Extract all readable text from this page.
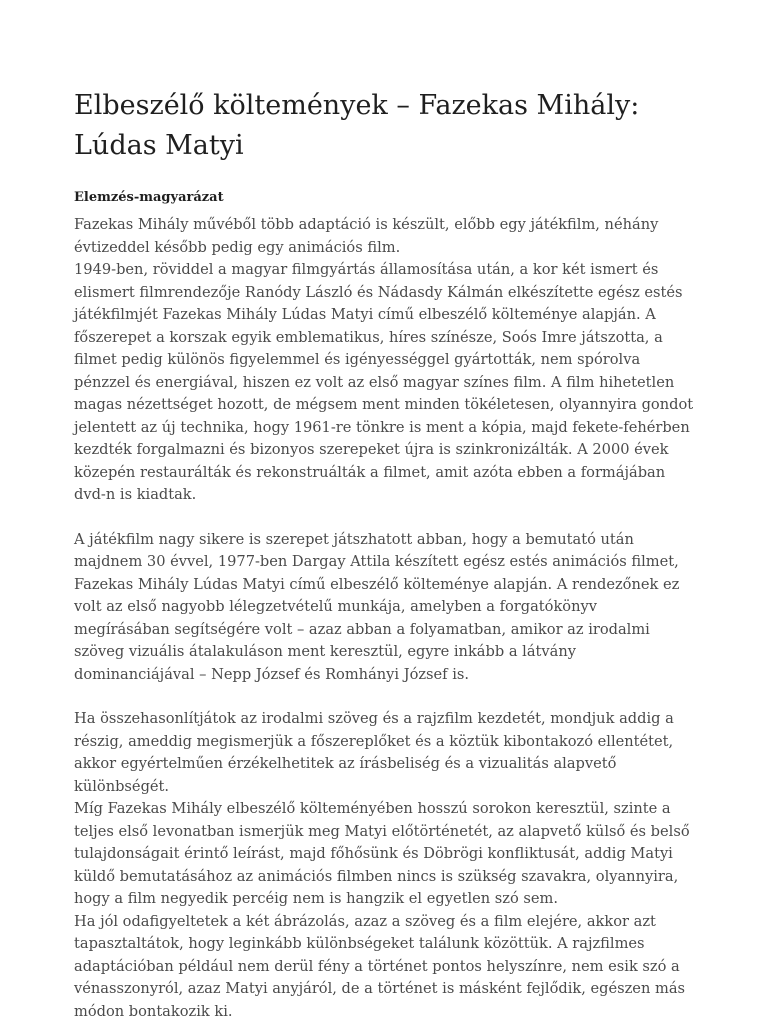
Elbeszélő költemények – Fazekas Mihály: Lúdas Matyi
Elemzés-magyarázat

Fazekas Mihály művéből több adaptáció is készült, előbb egy játékfilm, néhány évtizeddel később pedig egy animációs film.

1949-ben, röviddel a magyar filmgyártás államosítása után, a kor két ismert és elismert filmrendezője Ranódy László és Nádasdy Kálmán elkészítette egész estés játékfilmjét Fazekas Mihály Lúdas Matyi című elbeszélő költeménye alapján. A főszerepet a korszak egyik emblematikus, híres színésze, Soós Imre játszotta, a filmet pedig különös figyelemmel és igényességgel gyártották, nem spórolva pénzzel és energiával, hiszen ez volt az első magyar színes film. A film hihetetlen magas nézettséget hozott, de mégsem ment minden tökéletesen, olyannyira gondot jelentett az új technika, hogy 1961-re tönkre is ment a kópia, majd fekete-fehérben kezdték forgalmazni és bizonyos szerepeket újra is szinkronizálták. A 2000 évek közepén restaurálták és rekonstruálták a filmet, amit azóta ebben a formájában dvd-n is kiadtak.

A játékfilm nagy sikere is szerepet játszhatott abban, hogy a bemutató után majdnem 30 évvel, 1977-ben Dargay Attila készített egész estés animációs filmet, Fazekas Mihály Lúdas Matyi című elbeszélő költeménye alapján. A rendezőnek ez volt az első nagyobb lélegzetvételű munkája, amelyben a forgatókönyv megírásában segítségére volt – azaz abban a folyamatban, amikor az irodalmi szöveg vizuális átalakuláson ment keresztül, egyre inkább a látvány dominanciájával – Nepp József és Romhányi József is.

Ha összehasonlítjátok az irodalmi szöveg és a rajzfilm kezdetét, mondjuk addig a részig, ameddig megismerjük a főszereplőket és a köztük kibontakozó ellentétet, akkor egyértelműen érzékelhetitek az írásbeliség és a vizualitás alapvető különbségét.

Míg Fazekas Mihály elbeszélő költeményében hosszú sorokon keresztül, szinte a teljes első levonatban ismerjük meg Matyi előtörténetét, az alapvető külső és belső tulajdonságait érintő leírást, majd főhősünk és Döbrögi konfliktusát, addig Matyi küldő bemutatásához az animációs filmben nincs is szükség szavakra, olyannyira, hogy a film negyedik percéig nem is hangzik el egyetlen szó sem.

Ha jól odafigyeltetek a két ábrázolás, azaz a szöveg és a film elejére, akkor azt tapasztaltátok, hogy leginkább különbségeket találunk közöttük. A rajzfilmes adaptációban például nem derül fény a történet pontos helyszínre, nem esik szó a vénasszonyról, azaz Matyi anyjáról, de a történet is másként fejlődik, egészen más módon bontakozik ki.
